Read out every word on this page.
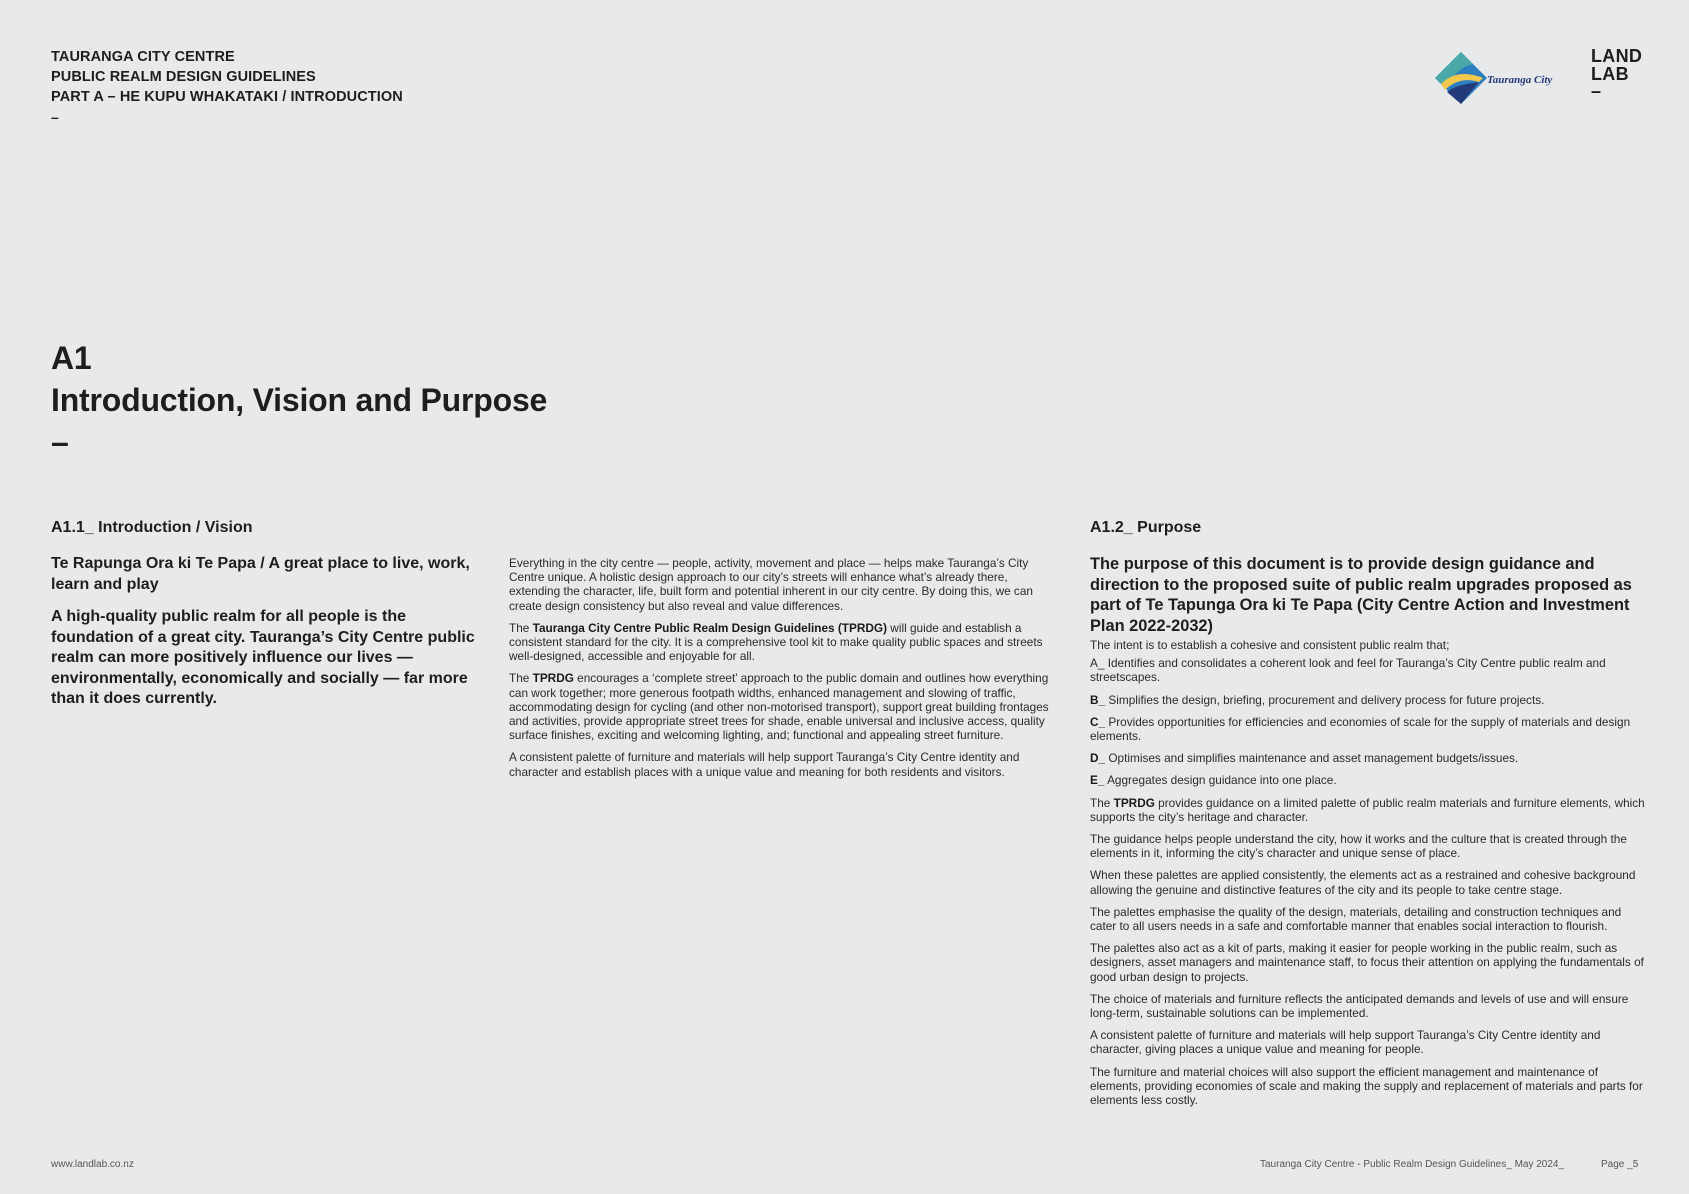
TAURANGA CITY CENTRE
PUBLIC REALM DESIGN GUIDELINES
PART A – HE KUPU WHAKATAKI / INTRODUCTION
–
Tauranga City
LAND
LAB
–
A1
Introduction, Vision and Purpose
–
A1.1_ Introduction / Vision
Te Rapunga Ora ki Te Papa / A great place to live, work, learn and play
A high-quality public realm for all people is the foundation of a great city. Tauranga’s City Centre public realm can more positively influence our lives — environmentally, economically and socially — far more than it does currently.

Everything in the city centre — people, activity, movement and place — helps make Tauranga’s City Centre unique. A holistic design approach to our city’s streets will enhance what’s already there, extending the character, life, built form and potential inherent in our city centre. By doing this, we can create design consistency but also reveal and value differences.

The Tauranga City Centre Public Realm Design Guidelines (TPRDG) will guide and establish a consistent standard for the city. It is a comprehensive tool kit to make quality public spaces and streets well-designed, accessible and enjoyable for all.

The TPRDG encourages a ‘complete street’ approach to the public domain and outlines how everything can work together; more generous footpath widths, enhanced management and slowing of traffic, accommodating design for cycling (and other non-motorised transport), support great building frontages and activities, provide appropriate street trees for shade, enable universal and inclusive access, quality surface finishes, exciting and welcoming lighting, and; functional and appealing street furniture.

A consistent palette of furniture and materials will help support Tauranga’s City Centre identity and character and establish places with a unique value and meaning for both residents and visitors.

A1.2_ Purpose
The purpose of this document is to provide design guidance and direction to the proposed suite of public realm upgrades proposed as part of Te Tapunga Ora ki Te Papa (City Centre Action and Investment Plan 2022-2032)

The intent is to establish a cohesive and consistent public realm that;

A_ Identifies and consolidates a coherent look and feel for Tauranga’s City Centre public realm and streetscapes.

B_ Simplifies the design, briefing, procurement and delivery process for future projects.

C_ Provides opportunities for efficiencies and economies of scale for the supply of materials and design elements.

D_ Optimises and simplifies maintenance and asset management budgets/issues.

E_ Aggregates design guidance into one place.

The TPRDG provides guidance on a limited palette of public realm materials and furniture elements, which supports the city’s heritage and character.

The guidance helps people understand the city, how it works and the culture that is created through the elements in it, informing the city’s character and unique sense of place.

When these palettes are applied consistently, the elements act as a restrained and cohesive background allowing the genuine and distinctive features of the city and its people to take centre stage.

The palettes emphasise the quality of the design, materials, detailing and construction techniques and cater to all users needs in a safe and comfortable manner that enables social interaction to flourish.

The palettes also act as a kit of parts, making it easier for people working in the public realm, such as designers, asset managers and maintenance staff, to focus their attention on applying the fundamentals of good urban design to projects.

The choice of materials and furniture reflects the anticipated demands and levels of use and will ensure long-term, sustainable solutions can be implemented.

A consistent palette of furniture and materials will help support Tauranga’s City Centre identity and character, giving places a unique value and meaning for people.

The furniture and material choices will also support the efficient management and maintenance of elements, providing economies of scale and making the supply and replacement of materials and parts for elements less costly.

www.landlab.co.nz	Tauranga City Centre - Public Realm Design Guidelines_ May 2024_	Page _5
